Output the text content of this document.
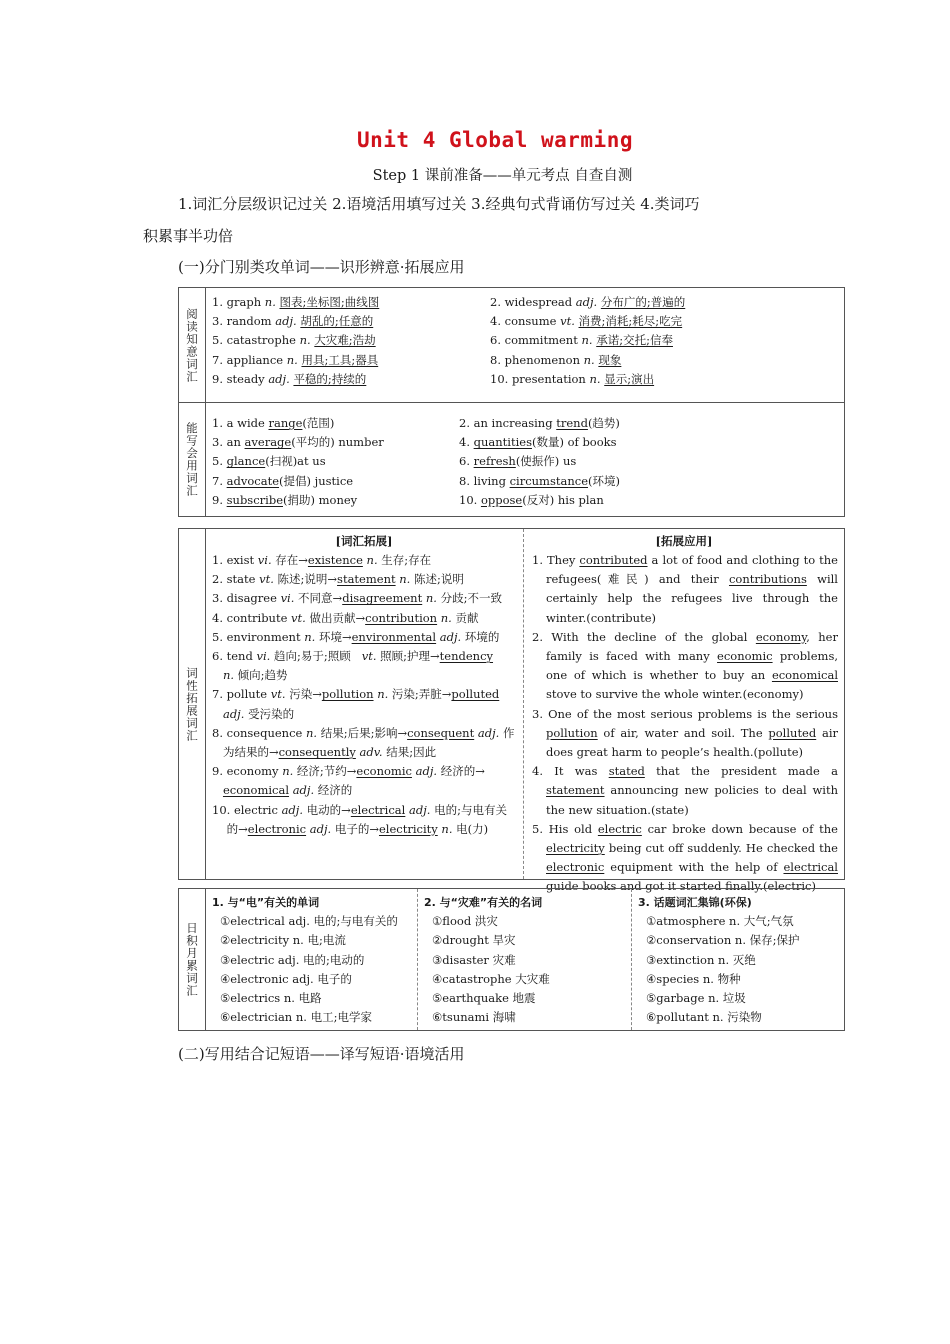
Unit 4 Global warming
Step 1 课前准备——单元考点 自查自测
1.词汇分层级识记过关 2.语境活用填写过关 3.经典句式背诵仿写过关 4.类词巧
积累事半功倍
(一)分门别类攻单词——识形辨意·拓展应用
阅读知意词汇
1. graph n. 图表;坐标图;曲线图
3. random adj. 胡乱的;任意的
5. catastrophe n. 大灾难;浩劫
7. appliance n. 用具;工具;器具
9. steady adj. 平稳的;持续的
2. widespread adj. 分布广的;普遍的
4. consume vt. 消费;消耗;耗尽;吃完
6. commitment n. 承诺;交托;信奉
8. phenomenon n. 现象
10. presentation n. 显示;演出
能写会用词汇 1. a wide range(范围)
3. an average(平均的) number
5. glance(扫视)at us
7. advocate(提倡) justice
9. subscribe(捐助) money
2. an increasing trend(趋势)
4. quantities(数量) of books
6. refresh(使振作) us
8. living circumstance(环境)
10. oppose(反对) his plan
词性拓展词汇
[词汇拓展]	[拓展应用]
1. exist vi. 存在→existence n. 生存;存在
2. state vt. 陈述;说明→statement n. 陈述;说明
3. disagree vi. 不同意→disagreement n. 分歧;不一致
4. contribute vt. 做出贡献→contribution n. 贡献
5. environment n. 环境→environmental adj. 环境的
6. tend vi. 趋向;易于;照顾   vt. 照顾;护理→tendency
n. 倾向;趋势
7. pollute vt. 污染→pollution n. 污染;弄脏→polluted
adj. 受污染的
8. consequence n. 结果;后果;影响→consequent adj. 作
为结果的→consequently adv. 结果;因此
9. economy n. 经济;节约→economic adj. 经济的→
economical adj. 经济的
10. electric adj. 电动的→electrical adj. 电的;与电有关
的→electronic adj. 电子的→electricity n. 电(力)
1. They contributed a lot of food and clothing to the refugees(难民) and their contributions will certainly help the refugees live through the winter.(contribute)
2. With the decline of the global economy, her family is faced with many economic problems, one of which is whether to buy an economical stove to survive the whole winter.(economy)
3. One of the most serious problems is the serious pollution of air, water and soil. The polluted air does great harm to people’s health.(pollute)
4. It was stated that the president made a statement announcing new policies to deal with the new situation.(state)
5. His old electric car broke down because of the electricity being cut off suddenly. He checked the electronic equipment with the help of electrical guide books and got it started finally.(electric)
日积月累词汇
1. 与“电”有关的单词
①electrical adj. 电的;与电有关的
②electricity n. 电;电流
③electric adj. 电的;电动的
④electronic adj. 电子的
⑤electrics n. 电路
⑥electrician n. 电工;电学家
2. 与“灾难”有关的名词
①flood 洪灾
②drought 旱灾
③disaster 灾难
④catastrophe 大灾难
⑤earthquake 地震
⑥tsunami 海啸
3. 话题词汇集锦(环保)
①atmosphere n. 大气;气氛
②conservation n. 保存;保护
③extinction n. 灭绝
④species n. 物种
⑤garbage n. 垃圾
⑥pollutant n. 污染物
(二)写用结合记短语——译写短语·语境活用
